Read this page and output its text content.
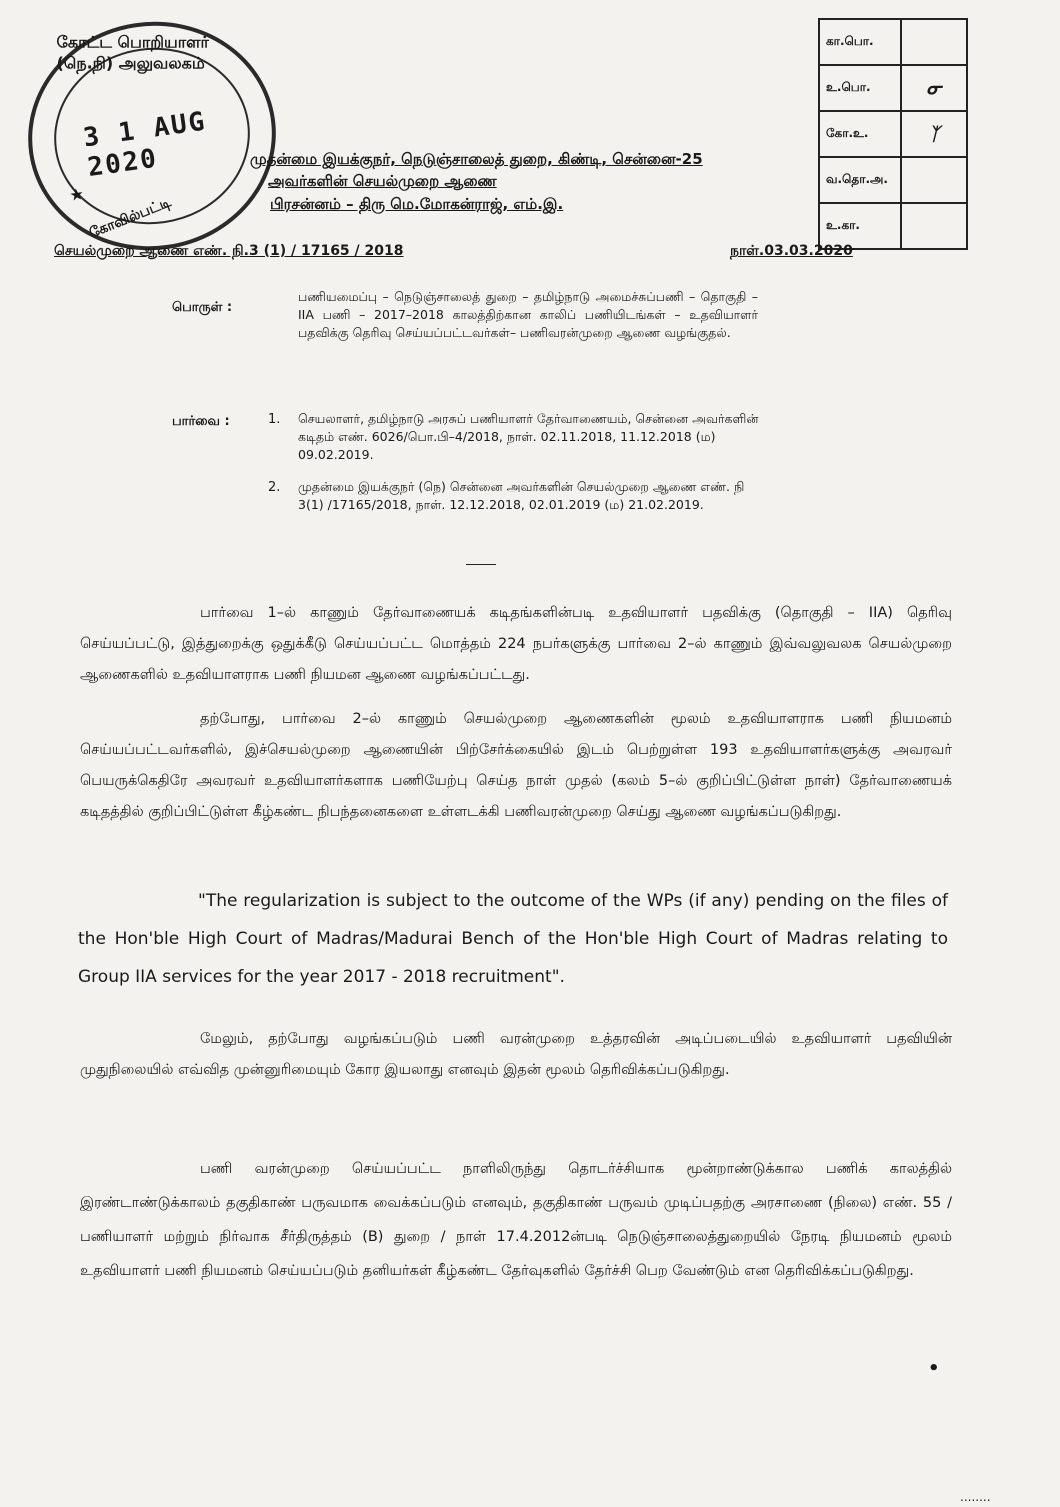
கோட்ட பொறியாளர் (நெ.நி) அலுவலகம்
3 1 AUG 2020
★ கோவில்பட்டி
முதன்மை இயக்குநர், நெடுஞ்சாலைத் துறை, கிண்டி, சென்னை-25
அவர்களின் செயல்முறை ஆணை
பிரசன்னம் – திரு மெ.மோகன்ராஜ், எம்.இ.
கா.பொ.	
உ.பொ.	ᓂ
கோ.உ.	ᛉ
வ.தொ.அ.	
உ.கா.	
செயல்முறை ஆணை எண். நி.3 (1) / 17165 / 2018	நாள்.03.03.2020
பொருள் :
பணியமைப்பு – நெடுஞ்சாலைத் துறை – தமிழ்நாடு அமைச்சுப்பணி – தொகுதி – IIA பணி – 2017–2018 காலத்திற்கான காலிப் பணியிடங்கள் – உதவியாளர் பதவிக்கு தெரிவு செய்யப்பட்டவர்கள்– பணிவரன்முறை ஆணை வழங்குதல்.
பார்வை :	1. செயலாளர், தமிழ்நாடு அரசுப் பணியாளர் தேர்வாணையம், சென்னை அவர்களின் கடிதம் எண். 6026/பொ.பி–4/2018, நாள். 02.11.2018, 11.12.2018 (ம) 09.02.2019.
2. முதன்மை இயக்குநர் (நெ) சென்னை அவர்களின் செயல்முறை ஆணை எண். நி 3(1) /17165/2018, நாள். 12.12.2018, 02.01.2019 (ம) 21.02.2019.
பார்வை 1–ல் காணும் தேர்வாணையக் கடிதங்களின்படி உதவியாளர் பதவிக்கு (தொகுதி – IIA) தெரிவு செய்யப்பட்டு, இத்துறைக்கு ஒதுக்கீடு செய்யப்பட்ட மொத்தம் 224 நபர்களுக்கு பார்வை 2–ல் காணும் இவ்வலுவலக செயல்முறை ஆணைகளில் உதவியாளராக பணி நியமன ஆணை வழங்கப்பட்டது.
தற்போது, பார்வை 2–ல் காணும் செயல்முறை ஆணைகளின் மூலம் உதவியாளராக பணி நியமனம் செய்யப்பட்டவர்களில், இச்செயல்முறை ஆணையின் பிற்சேர்க்கையில் இடம் பெற்றுள்ள 193 உதவியாளர்களுக்கு அவரவர் பெயருக்கெதிரே அவரவர் உதவியாளர்களாக பணியேற்பு செய்த நாள் முதல் (கலம் 5–ல் குறிப்பிட்டுள்ள நாள்) தேர்வாணையக் கடிதத்தில் குறிப்பிட்டுள்ள கீழ்கண்ட நிபந்தனைகளை உள்ளடக்கி பணிவரன்முறை செய்து ஆணை வழங்கப்படுகிறது.
"The regularization is subject to the outcome of the WPs (if any) pending on the files of the Hon'ble High Court of Madras/Madurai Bench of the Hon'ble High Court of Madras relating to Group IIA services for the year 2017 - 2018 recruitment".
மேலும், தற்போது வழங்கப்படும் பணி வரன்முறை உத்தரவின் அடிப்படையில் உதவியாளர் பதவியின் முதுநிலையில் எவ்வித முன்னுரிமையும் கோர இயலாது எனவும் இதன் மூலம் தெரிவிக்கப்படுகிறது.
பணி வரன்முறை செய்யப்பட்ட நாளிலிருந்து தொடர்ச்சியாக மூன்றாண்டுக்கால பணிக் காலத்தில் இரண்டாண்டுக்காலம் தகுதிகாண் பருவமாக வைக்கப்படும் எனவும், தகுதிகாண் பருவம் முடிப்பதற்கு அரசாணை (நிலை) எண். 55 / பணியாளர் மற்றும் நிர்வாக சீர்திருத்தம் (B) துறை / நாள் 17.4.2012ன்படி நெடுஞ்சாலைத்துறையில் நேரடி நியமனம் மூலம் உதவியாளர் பணி நியமனம் செய்யப்படும் தனியர்கள் கீழ்கண்ட தேர்வுகளில் தேர்ச்சி பெற வேண்டும் என தெரிவிக்கப்படுகிறது.
•
........
